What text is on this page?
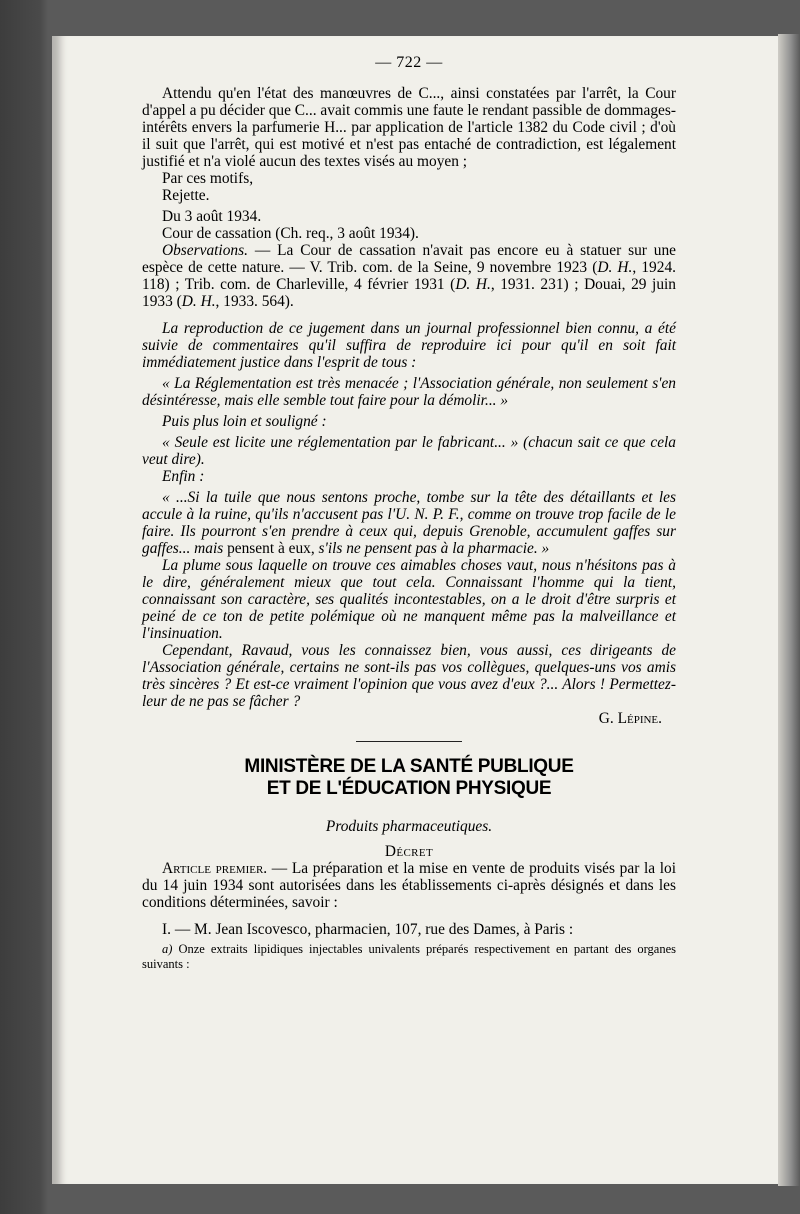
— 722 —

Attendu qu'en l'état des manœuvres de C..., ainsi constatées par l'arrêt, la Cour d'appel a pu décider que C... avait commis une faute le rendant passible de dommages-intérêts envers la parfumerie H... par application de l'article 1382 du Code civil ; d'où il suit que l'arrêt, qui est motivé et n'est pas entaché de contradiction, est légalement justifié et n'a violé aucun des textes visés au moyen ;

Par ces motifs,

Rejette.

Du 3 août 1934.

Cour de cassation (Ch. req., 3 août 1934).

Observations. — La Cour de cassation n'avait pas encore eu à statuer sur une espèce de cette nature. — V. Trib. com. de la Seine, 9 novembre 1923 (D. H., 1924. 118) ; Trib. com. de Charleville, 4 février 1931 (D. H., 1931. 231) ; Douai, 29 juin 1933 (D. H., 1933. 564).

La reproduction de ce jugement dans un journal professionnel bien connu, a été suivie de commentaires qu'il suffira de reproduire ici pour qu'il en soit fait immédiatement justice dans l'esprit de tous :

« La Réglementation est très menacée ; l'Association générale, non seulement s'en désintéresse, mais elle semble tout faire pour la démolir... »

Puis plus loin et souligné :

« Seule est licite une réglementation par le fabricant... » (chacun sait ce que cela veut dire).

Enfin :

« ...Si la tuile que nous sentons proche, tombe sur la tête des détaillants et les accule à la ruine, qu'ils n'accusent pas l'U. N. P. F., comme on trouve trop facile de le faire. Ils pourront s'en prendre à ceux qui, depuis Grenoble, accumulent gaffes sur gaffes... mais pensent à eux, s'ils ne pensent pas à la pharmacie. »

La plume sous laquelle on trouve ces aimables choses vaut, nous n'hésitons pas à le dire, généralement mieux que tout cela. Connaissant l'homme qui la tient, connaissant son caractère, ses qualités incontestables, on a le droit d'être surpris et peiné de ce ton de petite polémique où ne manquent même pas la malveillance et l'insinuation.

Cependant, Ravaud, vous les connaissez bien, vous aussi, ces dirigeants de l'Association générale, certains ne sont-ils pas vos collègues, quelques-uns vos amis très sincères ? Et est-ce vraiment l'opinion que vous avez d'eux ?... Alors ! Permettez-leur de ne pas se fâcher ?

G. Lépine.

MINISTÈRE DE LA SANTÉ PUBLIQUE
ET DE L'ÉDUCATION PHYSIQUE
Produits pharmaceutiques.
Décret

Article premier. — La préparation et la mise en vente de produits visés par la loi du 14 juin 1934 sont autorisées dans les établissements ci-après désignés et dans les conditions déterminées, savoir :

I. — M. Jean Iscovesco, pharmacien, 107, rue des Dames, à Paris :

a) Onze extraits lipidiques injectables univalents préparés respectivement en partant des organes suivants :
